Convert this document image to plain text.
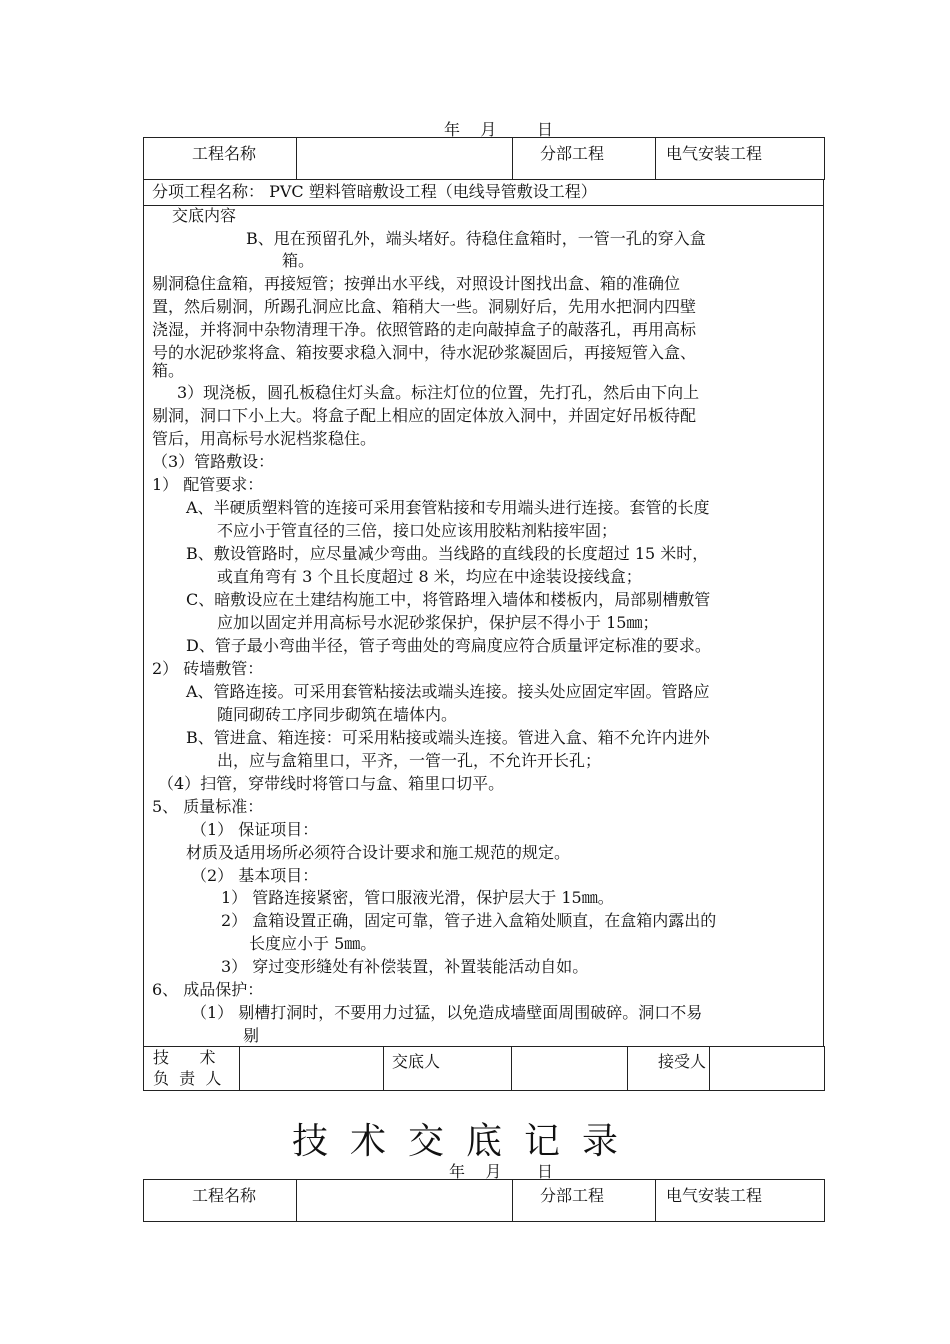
年    月        日
工程名称		分部工程	电气安装工程
分项工程名称： PVC 塑料管暗敷设工程（电线导管敷设工程）
交底内容
B、甩在预留孔外，端头堵好。待稳住盒箱时，一管一孔的穿入盒
箱。
剔洞稳住盒箱，再接短管；按弹出水平线，对照设计图找出盒、箱的准确位
置，然后剔洞，所踢孔洞应比盒、箱稍大一些。洞剔好后，先用水把洞内四壁
浇湿，并将洞中杂物清理干净。依照管路的走向敲掉盒子的敲落孔，再用高标
号的水泥砂浆将盒、箱按要求稳入洞中，待水泥砂浆凝固后，再接短管入盒、
箱。
3）现浇板，圆孔板稳住灯头盒。标注灯位的位置，先打孔，然后由下向上
剔洞，洞口下小上大。将盒子配上相应的固定体放入洞中，并固定好吊板待配
管后，用高标号水泥档浆稳住。
（3）管路敷设：
1） 配管要求：
A、半硬质塑料管的连接可采用套管粘接和专用端头进行连接。套管的长度
不应小于管直径的三倍，接口处应该用胶粘剂粘接牢固；
B、敷设管路时，应尽量减少弯曲。当线路的直线段的长度超过 15 米时，
或直角弯有 3 个且长度超过 8 米，均应在中途装设接线盒；
C、暗敷设应在土建结构施工中，将管路埋入墙体和楼板内，局部剔槽敷管
应加以固定并用高标号水泥砂浆保护，保护层不得小于 15㎜；
D、管子最小弯曲半径，管子弯曲处的弯扁度应符合质量评定标准的要求。
2） 砖墙敷管：
A、管路连接。可采用套管粘接法或端头连接。接头处应固定牢固。管路应
随同砌砖工序同步砌筑在墙体内。
B、管进盒、箱连接：可采用粘接或端头连接。管进入盒、箱不允许内进外
出，应与盒箱里口，平齐，一管一孔，不允许开长孔；
（4）扫管，穿带线时将管口与盒、箱里口切平。
5、 质量标准：
（1） 保证项目：
材质及适用场所必须符合设计要求和施工规范的规定。
（2） 基本项目：
1） 管路连接紧密，管口服液光滑，保护层大于 15㎜。
2） 盒箱设置正确，固定可靠，管子进入盒箱处顺直，在盒箱内露出的
长度应小于 5㎜。
3） 穿过变形缝处有补偿装置，补置装能活动自如。
6、 成品保护：
（1） 剔槽打洞时，不要用力过猛，以免造成墙壁面周围破碎。洞口不易
剔
技      术
负  责  人
		交底人		接受人	
技术交底记录
年    月       日
工程名称		分部工程	电气安装工程
